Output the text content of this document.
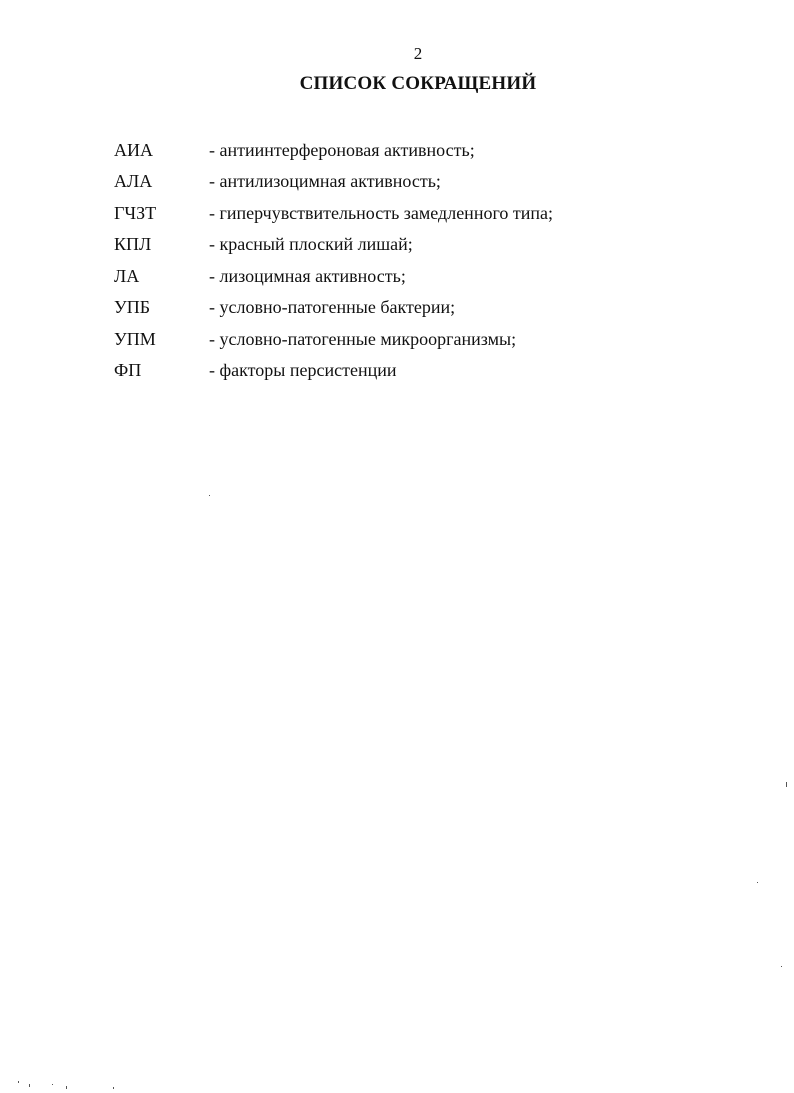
2
СПИСОК СОКРАЩЕНИЙ
АИА	- антиинтерфероновая активность;
АЛА	- антилизоцимная активность;
ГЧЗТ	- гиперчувствительность замедленного типа;
КПЛ	- красный плоский лишай;
ЛА	- лизоцимная активность;
УПБ	- условно-патогенные бактерии;
УПМ	- условно-патогенные микроорганизмы;
ФП	- факторы персистенции
